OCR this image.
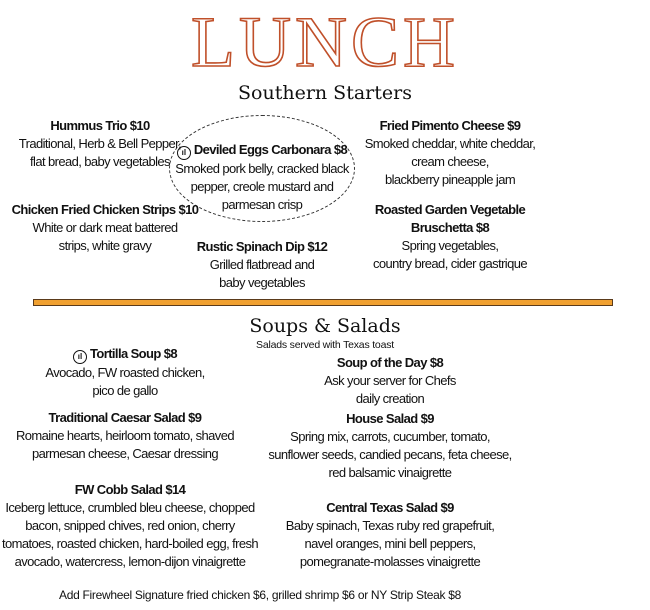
LUNCH
Southern Starters
Hummus Trio $10
Traditional, Herb & Bell Pepper,
flat bread, baby vegetables
ıl Deviled Eggs Carbonara $8
Smoked pork belly, cracked black
pepper, creole mustard and
parmesan crisp
Fried Pimento Cheese $9
Smoked cheddar, white cheddar,
cream cheese,
blackberry pineapple jam
Chicken Fried Chicken Strips $10
White or dark meat battered
strips, white gravy
Roasted Garden Vegetable
Bruschetta $8
Spring vegetables,
country bread, cider gastrique
Rustic Spinach Dip $12
Grilled flatbread and
baby vegetables
Soups & Salads
Salads served with Texas toast
ıl Tortilla Soup $8
Avocado, FW roasted chicken,
pico de gallo
Soup of the Day $8
Ask your server for Chefs
daily creation
Traditional Caesar Salad $9
Romaine hearts, heirloom tomato, shaved
parmesan cheese, Caesar dressing
House Salad $9
Spring mix, carrots, cucumber, tomato,
sunflower seeds, candied pecans, feta cheese,
red balsamic vinaigrette
FW Cobb Salad $14
Iceberg lettuce, crumbled bleu cheese, chopped
bacon, snipped chives, red onion, cherry
tomatoes, roasted chicken, hard-boiled egg, fresh
avocado, watercress, lemon-dijon vinaigrette
Central Texas Salad $9
Baby spinach, Texas ruby red grapefruit,
navel oranges, mini bell peppers,
pomegranate-molasses vinaigrette
Add Firewheel Signature fried chicken $6, grilled shrimp $6 or NY Strip Steak $8
